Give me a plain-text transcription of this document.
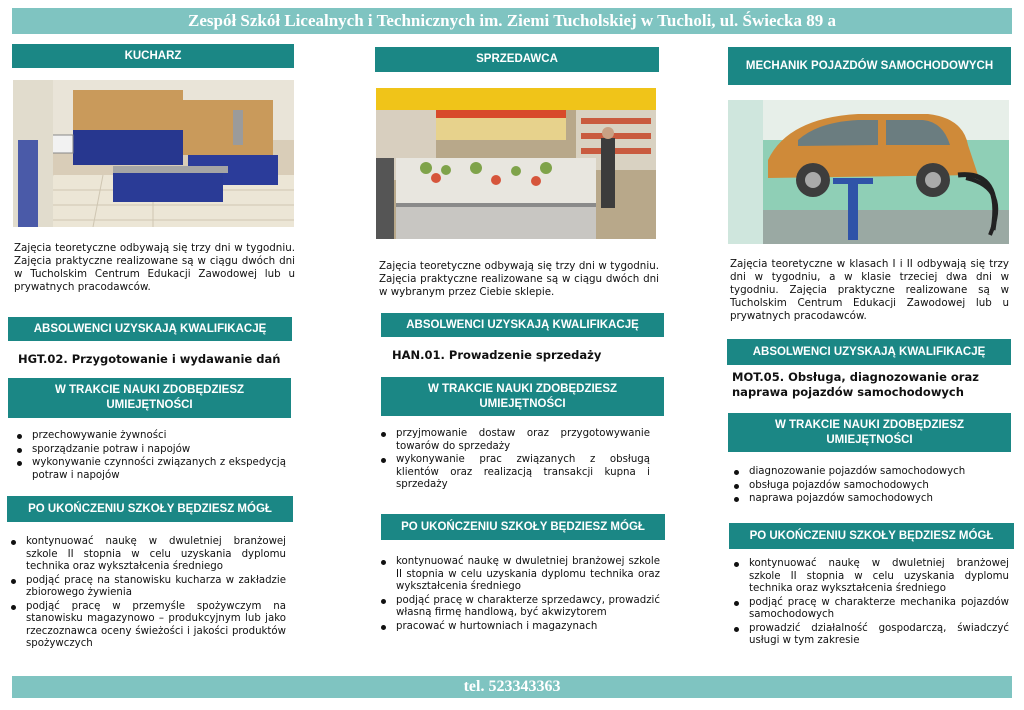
Zespół Szkół Licealnych i Technicznych im. Ziemi Tucholskiej w Tucholi, ul. Świecka 89 a
KUCHARZ
Zajęcia teoretyczne odbywają się trzy dni w tygodniu. Zajęcia praktyczne realizowane są w ciągu dwóch dni w Tucholskim Centrum Edukacji Zawodowej lub u prywatnych pracodawców.
ABSOLWENCI UZYSKAJĄ KWALIFIKACJĘ
HGT.02. Przygotowanie i wydawanie dań
W TRAKCIE NAUKI ZDOBĘDZIESZ UMIEJĘTNOŚCI
przechowywanie żywności
sporządzanie potraw i napojów
wykonywanie czynności związanych z ekspedycją potraw i napojów
PO UKOŃCZENIU SZKOŁY BĘDZIESZ MÓGŁ
kontynuować naukę w dwuletniej branżowej szkole II stopnia w celu uzyskania dyplomu technika oraz wykształcenia średniego
podjąć pracę na stanowisku kucharza w zakładzie zbiorowego żywienia
podjąć pracę w przemyśle spożywczym na stanowisku magazynowo – produkcyjnym lub jako rzeczoznawca oceny świeżości i jakości produktów spożywczych
SPRZEDAWCA
Zajęcia teoretyczne odbywają się trzy dni w tygodniu. Zajęcia praktyczne realizowane są w ciągu dwóch dni w wybranym przez Ciebie sklepie.
ABSOLWENCI UZYSKAJĄ KWALIFIKACJĘ
HAN.01. Prowadzenie sprzedaży
W TRAKCIE NAUKI ZDOBĘDZIESZ UMIEJĘTNOŚCI
przyjmowanie dostaw oraz przygotowywanie towarów do sprzedaży
wykonywanie prac związanych z obsługą klientów oraz realizacją transakcji kupna i sprzedaży
PO UKOŃCZENIU SZKOŁY BĘDZIESZ MÓGŁ
kontynuować naukę w dwuletniej branżowej szkole II stopnia w celu uzyskania dyplomu technika oraz wykształcenia średniego
podjąć pracę w charakterze sprzedawcy, prowadzić własną firmę handlową, być akwizytorem
pracować w hurtowniach i magazynach
MECHANIK POJAZDÓW SAMOCHODOWYCH
Zajęcia teoretyczne w klasach I i II odbywają się trzy dni w tygodniu, a w klasie trzeciej dwa dni w tygodniu. Zajęcia praktyczne realizowane są w Tucholskim Centrum Edukacji Zawodowej lub u prywatnych pracodawców.
ABSOLWENCI UZYSKAJĄ KWALIFIKACJĘ
MOT.05. Obsługa, diagnozowanie oraz naprawa pojazdów samochodowych
W TRAKCIE NAUKI ZDOBĘDZIESZ UMIEJĘTNOŚCI
diagnozowanie pojazdów samochodowych
obsługa pojazdów samochodowych
naprawa pojazdów samochodowych
PO UKOŃCZENIU SZKOŁY BĘDZIESZ MÓGŁ
kontynuować naukę w dwuletniej branżowej szkole II stopnia w celu uzyskania dyplomu technika oraz wykształcenia średniego
podjąć pracę w charakterze mechanika pojazdów samochodowych
prowadzić działalność gospodarczą, świadczyć usługi w tym zakresie
tel. 523343363
